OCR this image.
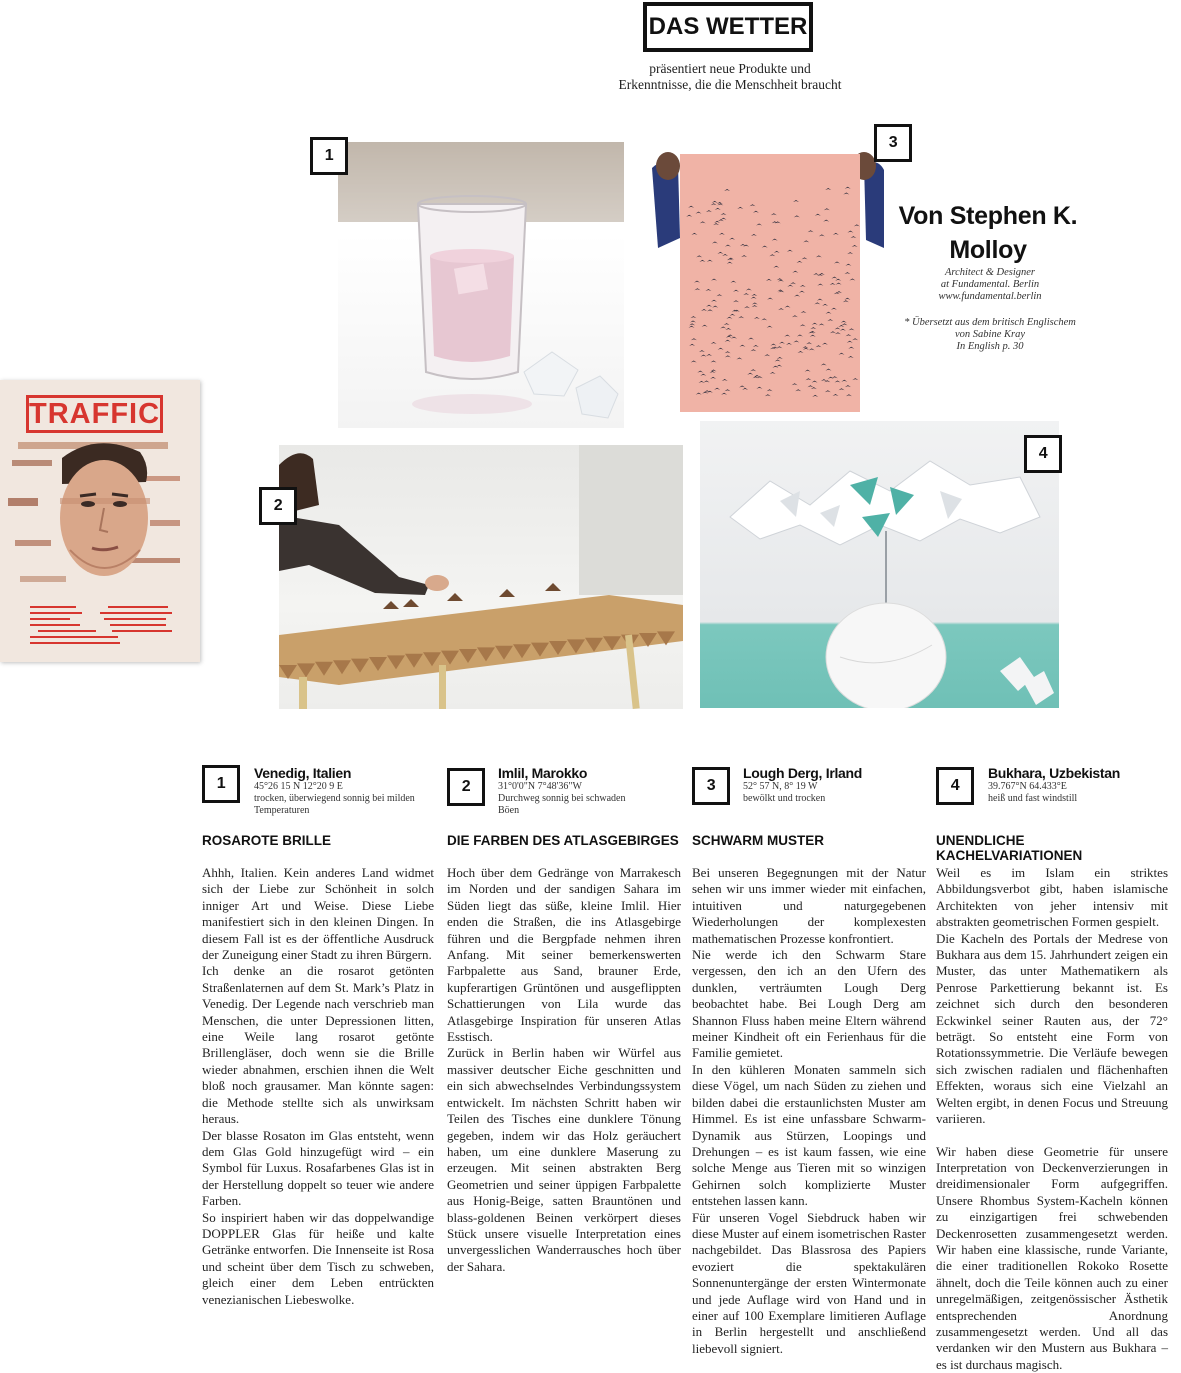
DAS WETTER
präsentiert neue Produkte und
Erkenntnisse, die die Menschheit braucht
TRAFFIC
1
3
Von Stephen K. Molloy
Architect & Designer
at Fundamental. Berlin
www.fundamental.berlin
* Übersetzt aus dem britisch Englischem
von Sabine Kray
In English p. 30
2
4
1
Venedig, Italien
45°26 15 N 12°20 9 E
trocken, überwiegend sonnig bei milden
Temperaturen
ROSAROTE BRILLE

Ahhh, Italien. Kein anderes Land widmet sich der Liebe zur Schönheit in solch inniger Art und Weise. Diese Liebe manifestiert sich in den kleinen Dingen. In diesem Fall ist es der öffentliche Ausdruck der Zuneigung einer Stadt zu ihren Bürgern.

Ich denke an die rosarot getönten Straßenlaternen auf dem St. Mark’s Platz in Venedig. Der Legende nach verschrieb man Menschen, die unter Depressionen litten, eine Weile lang rosarot getönte Brillengläser, doch wenn sie die Brille wieder abnahmen, erschien ihnen die Welt bloß noch grausamer. Man könnte sagen: die Methode stellte sich als unwirksam heraus.

Der blasse Rosaton im Glas entsteht, wenn dem Glas Gold hinzugefügt wird – ein Symbol für Luxus. Rosafarbenes Glas ist in der Herstellung doppelt so teuer wie andere Farben.

So inspiriert haben wir das doppelwandige DOPPLER Glas für heiße und kalte Getränke entworfen. Die Innenseite ist Rosa und scheint über dem Tisch zu schweben, gleich einer dem Leben entrückten venezianischen Liebeswolke.

2
Imlil, Marokko
31°0'0"N 7°48'36"W
Durchweg sonnig bei schwaden
Böen
DIE FARBEN DES ATLASGEBIRGES

Hoch über dem Gedränge von Marrakesch im Norden und der sandigen Sahara im Süden liegt das süße, kleine Imlil. Hier enden die Straßen, die ins Atlasgebirge führen und die Bergpfade nehmen ihren Anfang. Mit seiner bemerkenswerten Farbpalette aus Sand, brauner Erde, kupferartigen Grüntönen und ausgeflippten Schattierungen von Lila wurde das Atlasgebirge Inspiration für unseren Atlas Esstisch.

Zurück in Berlin haben wir Würfel aus massiver deutscher Eiche geschnitten und ein sich abwechselndes Verbindungssystem entwickelt. Im nächsten Schritt haben wir Teilen des Tisches eine dunklere Tönung gegeben, indem wir das Holz geräuchert haben, um eine dunklere Maserung zu erzeugen. Mit seinen abstrakten Berg Geometrien und seiner üppigen Farbpalette aus Honig-Beige, satten Brauntönen und blass-goldenen Beinen verkörpert dieses Stück unsere visuelle Interpretation eines unvergesslichen Wanderrausches hoch über der Sahara.

3
Lough Derg, Irland
52° 57 N, 8° 19 W
bewölkt und trocken
SCHWARM MUSTER

Bei unseren Begegnungen mit der Natur sehen wir uns immer wieder mit einfachen, intuitiven und naturgegebenen Wiederholungen der komplexesten mathematischen Prozesse konfrontiert.

Nie werde ich den Schwarm Stare vergessen, den ich an den Ufern des dunklen, verträumten Lough Derg beobachtet habe. Bei Lough Derg am Shannon Fluss haben meine Eltern während meiner Kindheit oft ein Ferienhaus für die Familie gemietet.

In den kühleren Monaten sammeln sich diese Vögel, um nach Süden zu ziehen und bilden dabei die erstaunlichsten Muster am Himmel. Es ist eine unfassbare Schwarm-Dynamik aus Stürzen, Loopings und Drehungen – es ist kaum fassen, wie eine solche Menge aus Tieren mit so winzigen Gehirnen solch komplizierte Muster entstehen lassen kann.

Für unseren Vogel Siebdruck haben wir diese Muster auf einem isometrischen Raster nachgebildet. Das Blassrosa des Papiers evoziert die spektakulären Sonnenuntergänge der ersten Wintermonate und jede Auflage wird von Hand und in einer auf 100 Exemplare limitieren Auflage in Berlin hergestellt und anschließend liebevoll signiert.

4
Bukhara, Uzbekistan
39.767°N 64.433°E
heiß und fast windstill
UNENDLICHE KACHELVARIATIONEN

Weil es im Islam ein striktes Abbildungsverbot gibt, haben islamische Architekten von jeher intensiv mit abstrakten geometrischen Formen gespielt.

Die Kacheln des Portals der Medrese von Bukhara aus dem 15. Jahrhundert zeigen ein Muster, das unter Mathematikern als Penrose Parkettierung bekannt ist. Es zeichnet sich durch den besonderen Eckwinkel seiner Rauten aus, der 72° beträgt. So entsteht eine Form von Rotationssymmetrie. Die Verläufe bewegen sich zwischen radialen und flächenhaften Effekten, woraus sich eine Vielzahl an Welten ergibt, in denen Focus und Streuung variieren.

Wir haben diese Geometrie für unsere Interpretation von Deckenverzierungen in dreidimensionaler Form aufgegriffen. Unsere Rhombus System-Kacheln können zu einzigartigen frei schwebenden Deckenrosetten zusammengesetzt werden. Wir haben eine klassische, runde Variante, die einer traditionellen Rokoko Rosette ähnelt, doch die Teile können auch zu einer unregelmäßigen, zeitgenössischer Ästhetik entsprechenden Anordnung zusammengesetzt werden. Und all das verdanken wir den Mustern aus Bukhara – es ist durchaus magisch.
